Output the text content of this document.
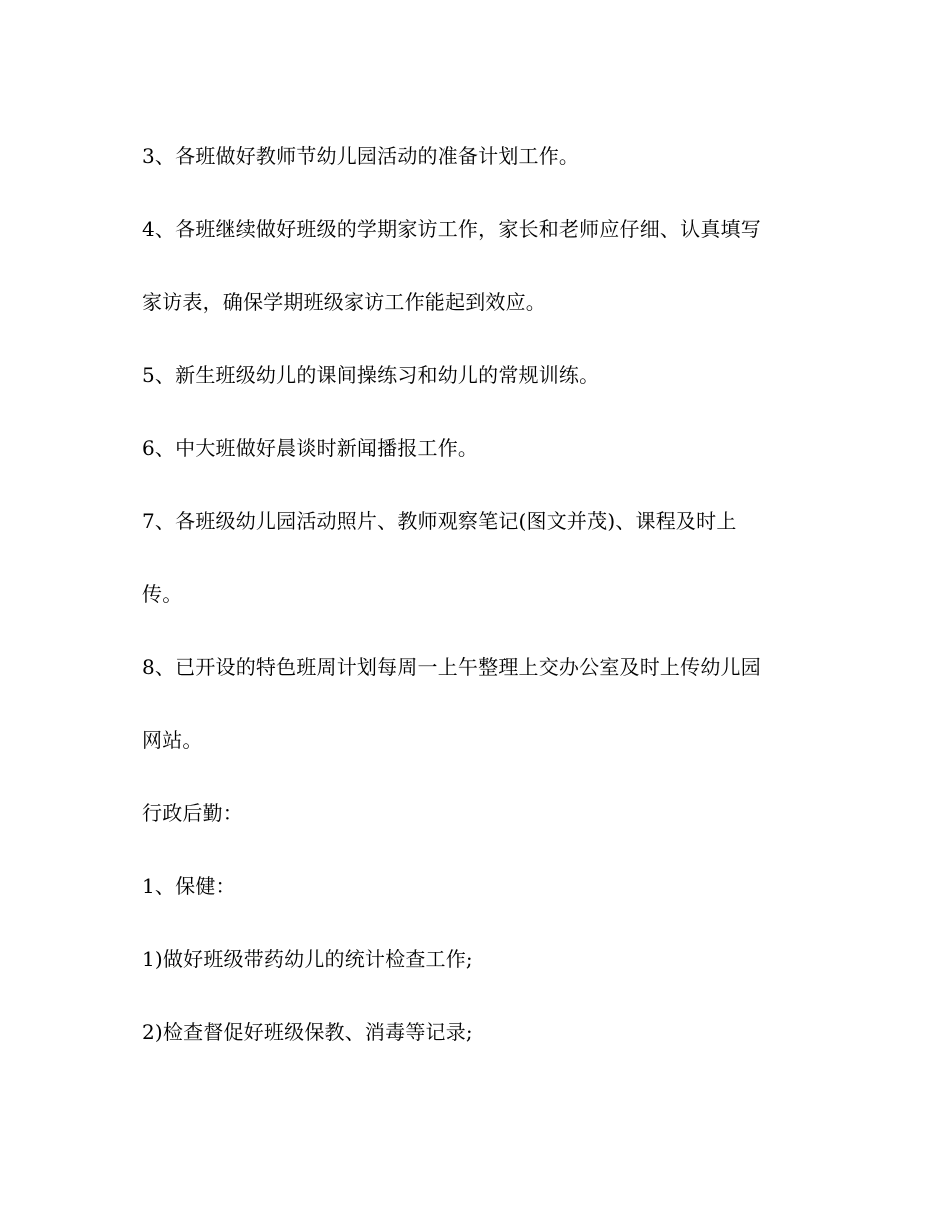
3、各班做好教师节幼儿园活动的准备计划工作。

4、各班继续做好班级的学期家访工作，家长和老师应仔细、认真填写

家访表，确保学期班级家访工作能起到效应。

5、新生班级幼儿的课间操练习和幼儿的常规训练。

6、中大班做好晨谈时新闻播报工作。

7、各班级幼儿园活动照片、教师观察笔记(图文并茂)、课程及时上

传。

8、已开设的特色班周计划每周一上午整理上交办公室及时上传幼儿园

网站。

行政后勤：

1、保健：

1)做好班级带药幼儿的统计检查工作;

2)检查督促好班级保教、消毒等记录;
